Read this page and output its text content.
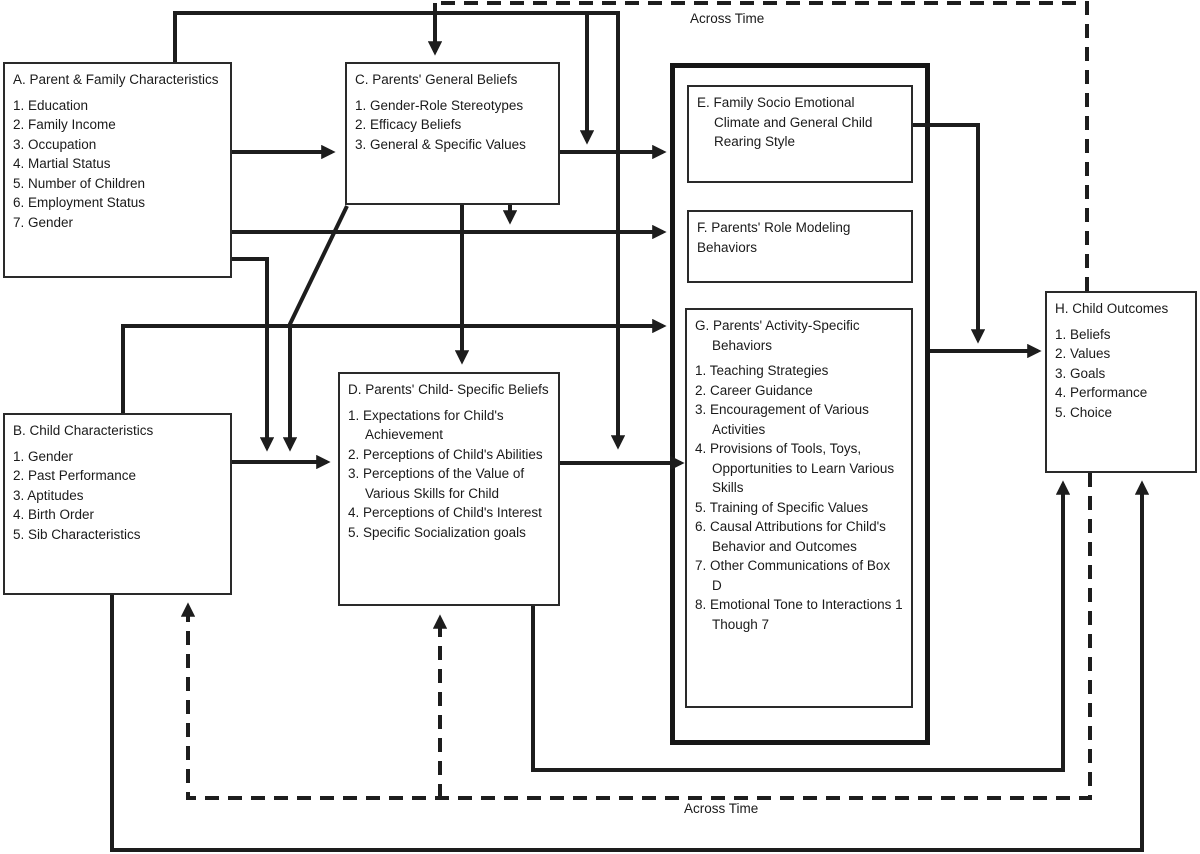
Across Time
Across Time
A. Parent & Family Characteristics
1. Education
2. Family Income
3. Occupation
4. Martial Status
5. Number of Children
6. Employment Status
7. Gender
B. Child Characteristics
1. Gender
2. Past Performance
3. Aptitudes
4. Birth Order
5. Sib Characteristics
C. Parents' General Beliefs
1. Gender-Role Stereotypes
2. Efficacy Beliefs
3. General & Specific Values
D. Parents' Child- Specific Beliefs
1. Expectations for Child's Achievement
2. Perceptions of Child's Abilities
3. Perceptions of the Value of Various Skills for Child
4. Perceptions of Child's Interest
5. Specific Socialization goals
E. Family Socio Emotional Climate and General Child Rearing Style
F. Parents' Role Modeling Behaviors
G. Parents' Activity-Specific Behaviors
1. Teaching Strategies
2. Career Guidance
3. Encouragement of Various Activities
4. Provisions of Tools, Toys, Opportunities to Learn Various Skills
5. Training of Specific Values
6. Causal Attributions for Child's Behavior and Outcomes
7. Other Communications of Box D
8. Emotional Tone to Interactions 1 Though 7
H. Child Outcomes
1. Beliefs
2. Values
3. Goals
4. Performance
5. Choice
